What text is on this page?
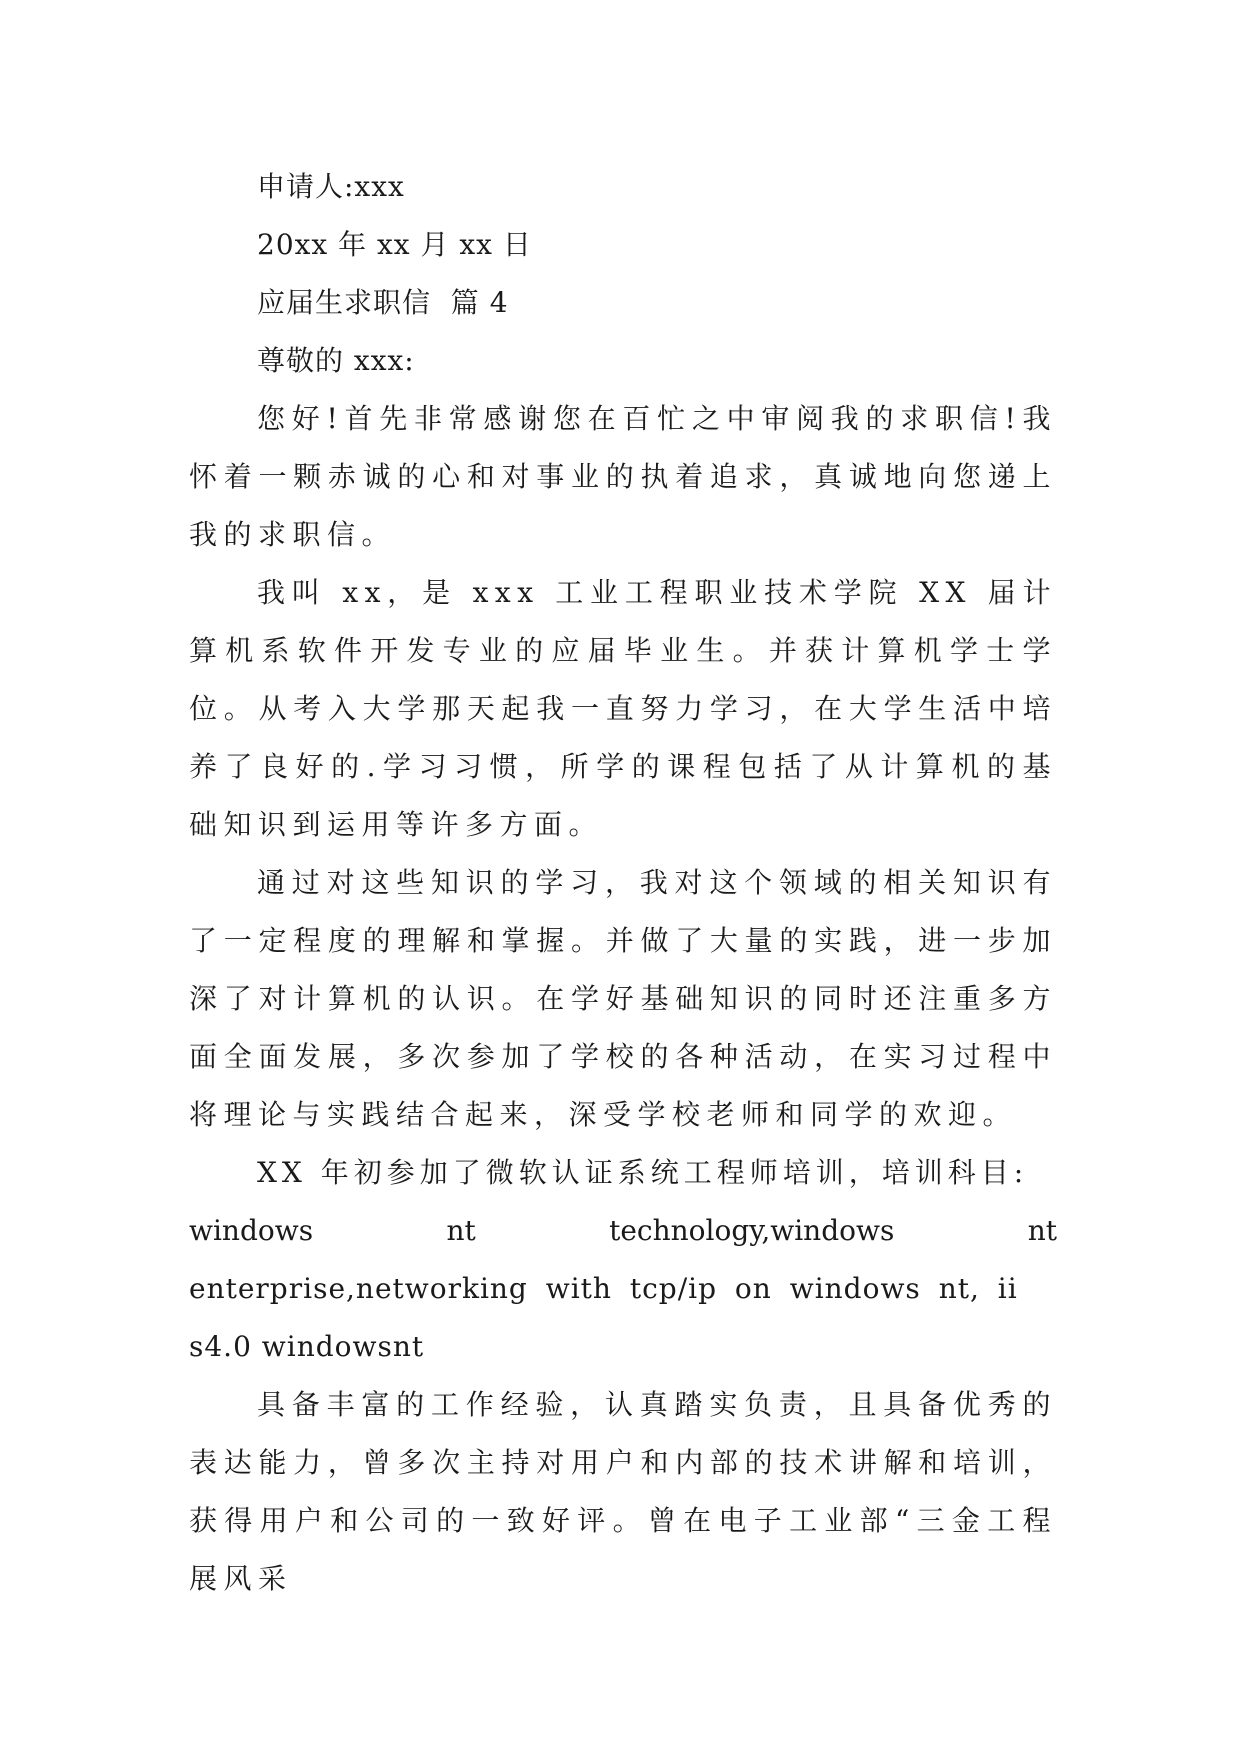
申请人:xxx
20xx 年 xx 月 xx 日
应届生求职信  篇 4
尊敬的 xxx:

您好!首先非常感谢您在百忙之中审阅我的求职信!我怀着一颗赤诚的心和对事业的执着追求，真诚地向您递上我的求职信。

我叫 xx，是 xxx 工业工程职业技术学院 XX 届计算机系软件开发专业的应届毕业生。并获计算机学士学位。从考入大学那天起我一直努力学习，在大学生活中培养了良好的.学习习惯，所学的课程包括了从计算机的基础知识到运用等许多方面。

通过对这些知识的学习，我对这个领域的相关知识有了一定程度的理解和掌握。并做了大量的实践，进一步加深了对计算机的认识。在学好基础知识的同时还注重多方面全面发展，多次参加了学校的各种活动，在实习过程中将理论与实践结合起来，深受学校老师和同学的欢迎。

XX 年初参加了微软认证系统工程师培训，培训科目:
windows	nt	technology,windows	nt
enterprise,networking with tcp/ip on windows nt, ii
s4.0 windowsnt

具备丰富的工作经验，认真踏实负责，且具备优秀的表达能力，曾多次主持对用户和内部的技术讲解和培训，获得用户和公司的一致好评。曾在电子工业部“三金工程展风采
